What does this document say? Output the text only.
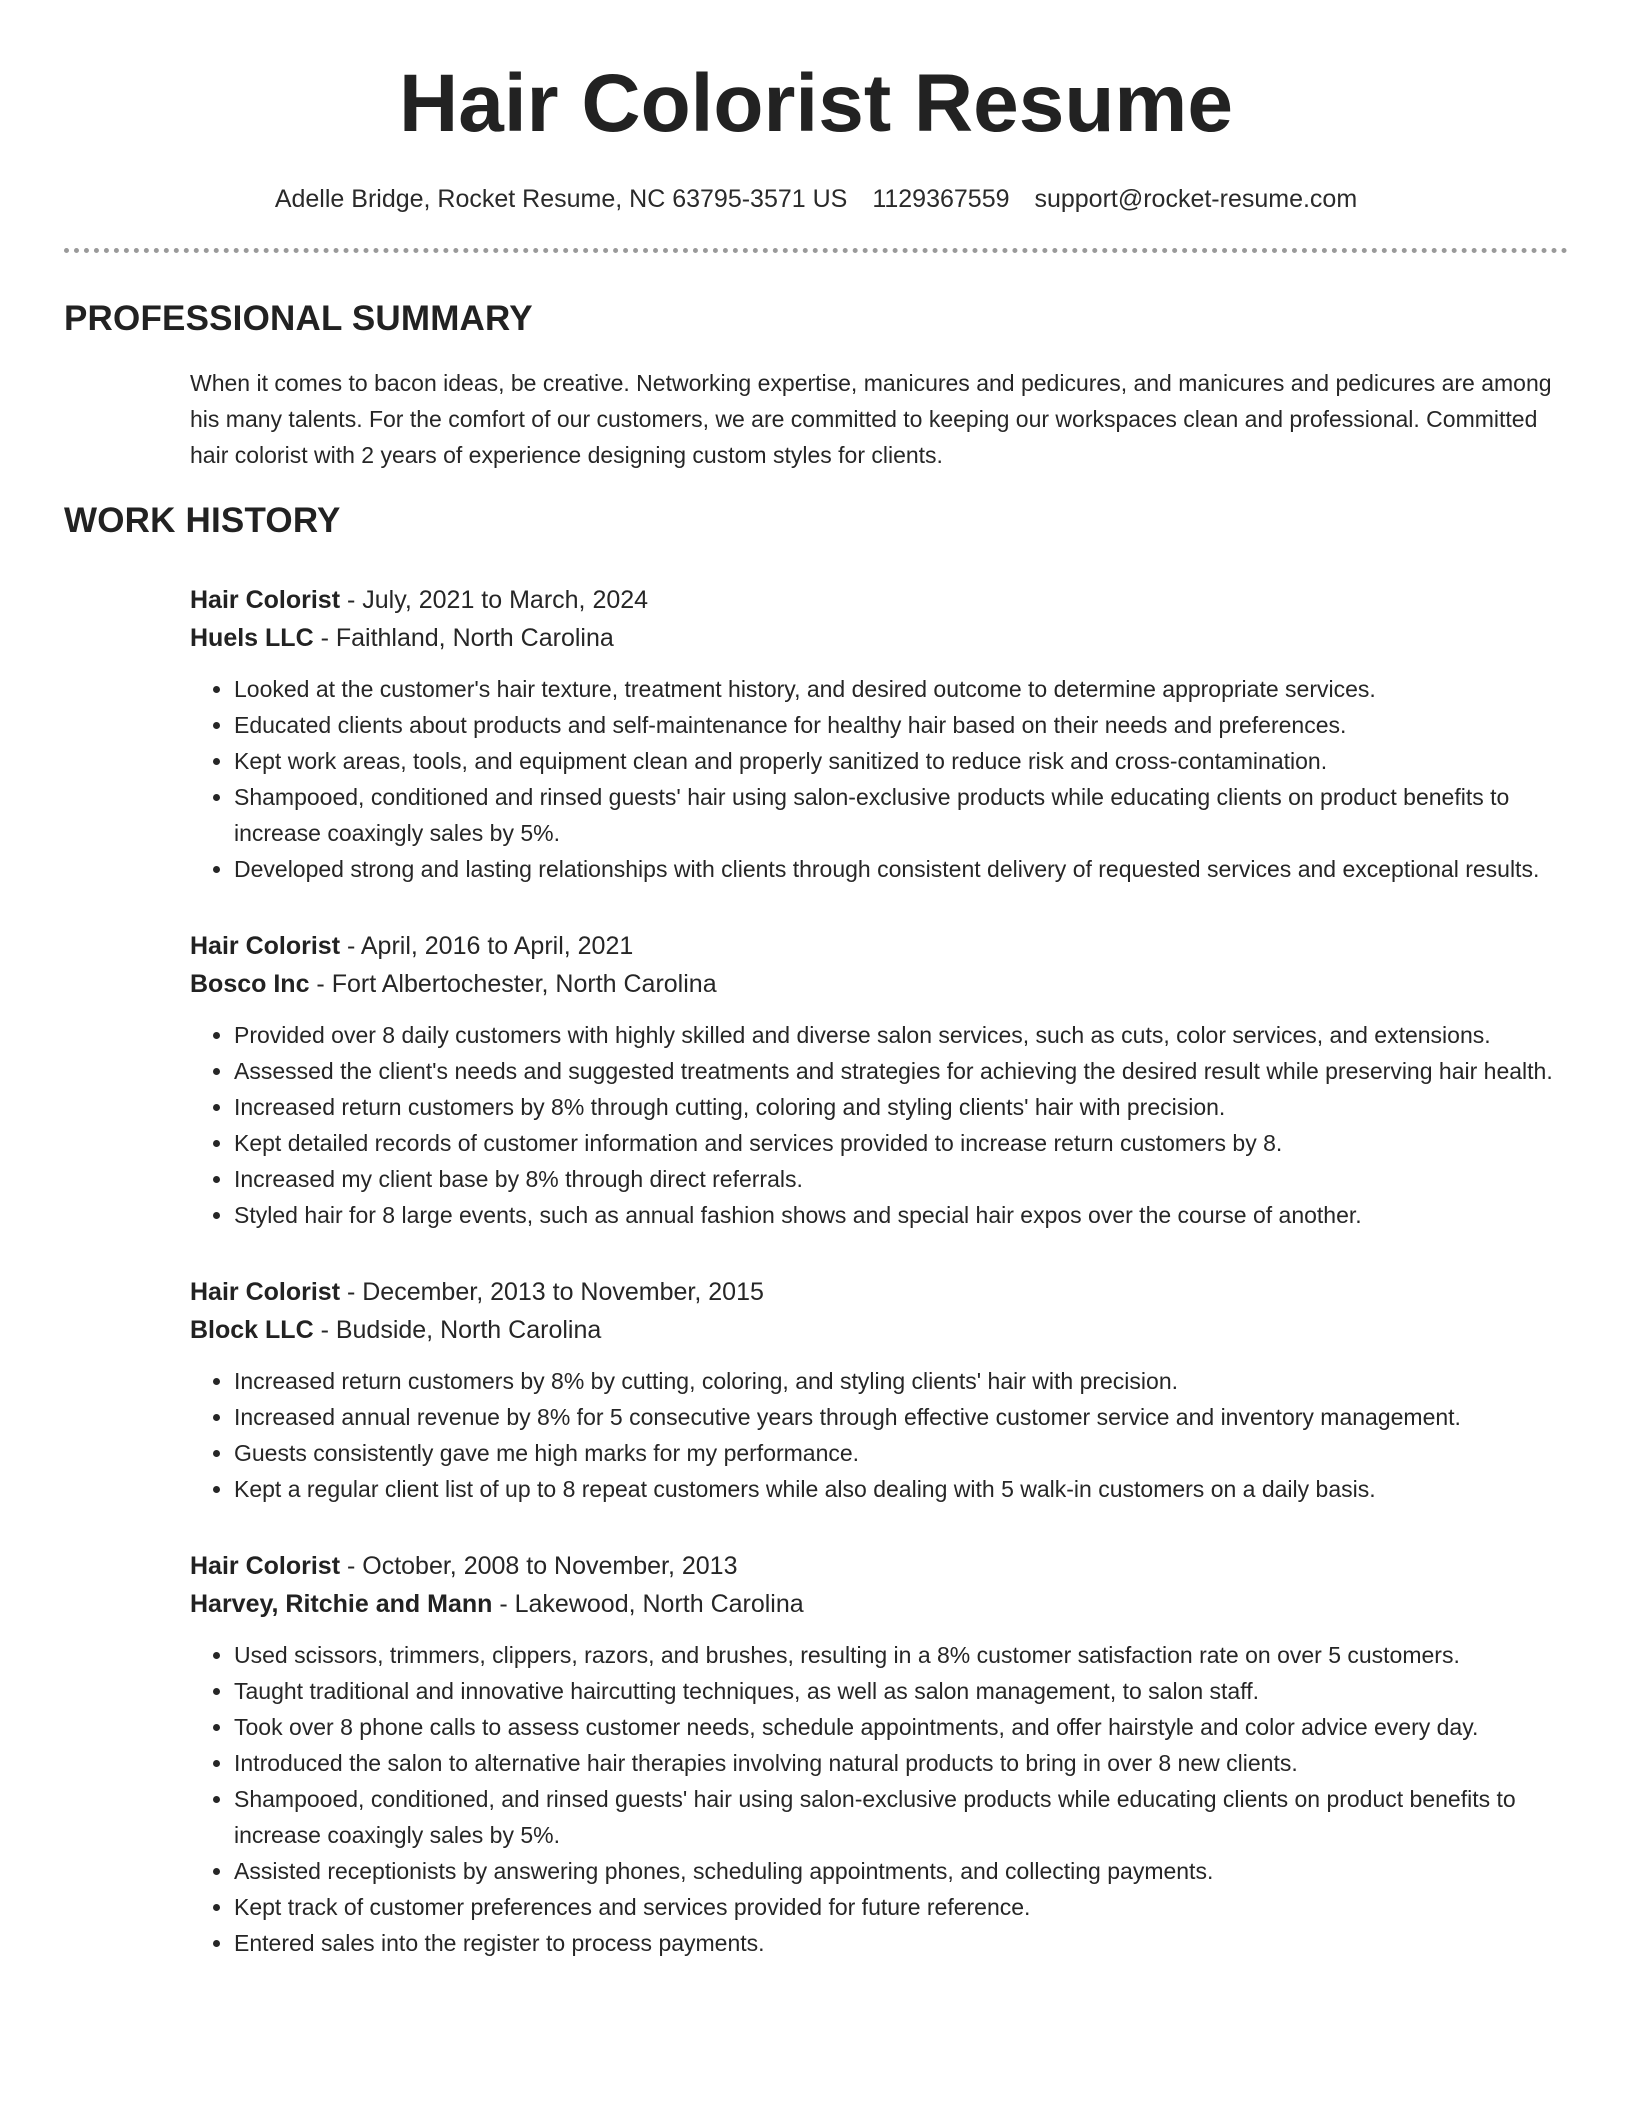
Hair Colorist Resume
Adelle Bridge, Rocket Resume, NC 63795-3571 US 1129367559 support@rocket-resume.com
PROFESSIONAL SUMMARY

When it comes to bacon ideas, be creative. Networking expertise, manicures and pedicures, and manicures and pedicures are among his many talents. For the comfort of our customers, we are committed to keeping our workspaces clean and professional. Committed hair colorist with 2 years of experience designing custom styles for clients.

WORK HISTORY
Hair Colorist - July, 2021 to March, 2024
Huels LLC - Faithland, North Carolina
• Looked at the customer's hair texture, treatment history, and desired outcome to determine appropriate services.
• Educated clients about products and self-maintenance for healthy hair based on their needs and preferences.
• Kept work areas, tools, and equipment clean and properly sanitized to reduce risk and cross-contamination.
• Shampooed, conditioned and rinsed guests' hair using salon-exclusive products while educating clients on product benefits to increase coaxingly sales by 5%.
• Developed strong and lasting relationships with clients through consistent delivery of requested services and exceptional results.
Hair Colorist - April, 2016 to April, 2021
Bosco Inc - Fort Albertochester, North Carolina
• Provided over 8 daily customers with highly skilled and diverse salon services, such as cuts, color services, and extensions.
• Assessed the client's needs and suggested treatments and strategies for achieving the desired result while preserving hair health.
• Increased return customers by 8% through cutting, coloring and styling clients' hair with precision.
• Kept detailed records of customer information and services provided to increase return customers by 8.
• Increased my client base by 8% through direct referrals.
• Styled hair for 8 large events, such as annual fashion shows and special hair expos over the course of another.
Hair Colorist - December, 2013 to November, 2015
Block LLC - Budside, North Carolina
• Increased return customers by 8% by cutting, coloring, and styling clients' hair with precision.
• Increased annual revenue by 8% for 5 consecutive years through effective customer service and inventory management.
• Guests consistently gave me high marks for my performance.
• Kept a regular client list of up to 8 repeat customers while also dealing with 5 walk-in customers on a daily basis.
Hair Colorist - October, 2008 to November, 2013
Harvey, Ritchie and Mann - Lakewood, North Carolina
• Used scissors, trimmers, clippers, razors, and brushes, resulting in a 8% customer satisfaction rate on over 5 customers.
• Taught traditional and innovative haircutting techniques, as well as salon management, to salon staff.
• Took over 8 phone calls to assess customer needs, schedule appointments, and offer hairstyle and color advice every day.
• Introduced the salon to alternative hair therapies involving natural products to bring in over 8 new clients.
• Shampooed, conditioned, and rinsed guests' hair using salon-exclusive products while educating clients on product benefits to increase coaxingly sales by 5%.
• Assisted receptionists by answering phones, scheduling appointments, and collecting payments.
• Kept track of customer preferences and services provided for future reference.
• Entered sales into the register to process payments.
